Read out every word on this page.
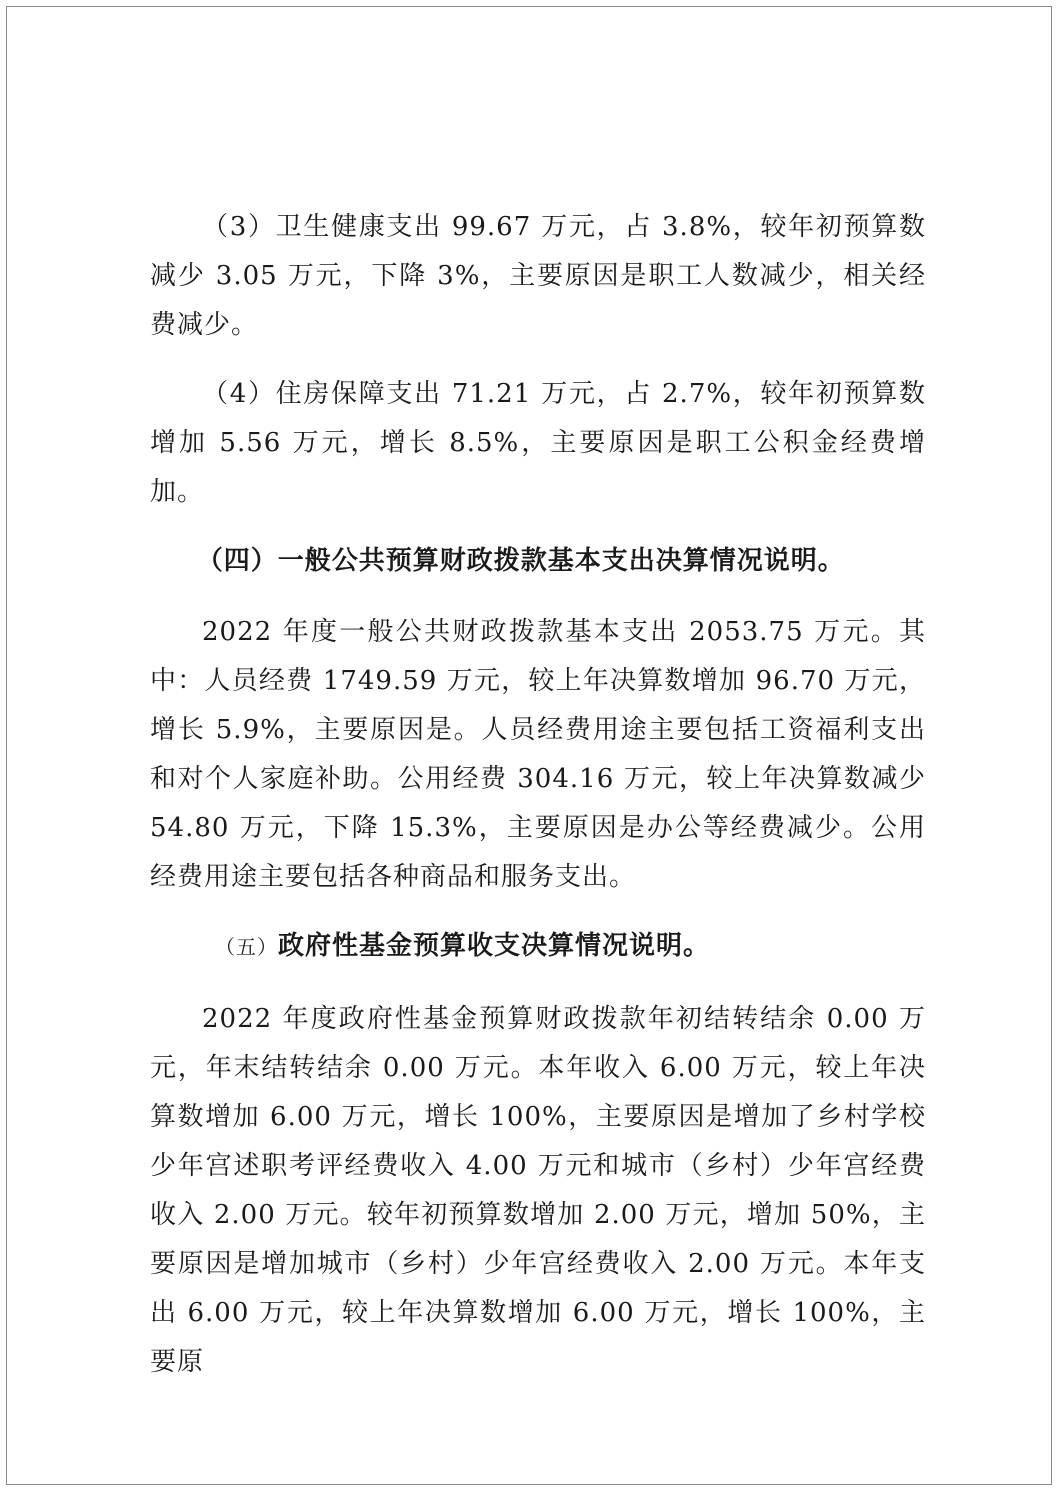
（3）卫生健康支出 99.67 万元，占 3.8%，较年初预算数减少 3.05 万元，下降 3%，主要原因是职工人数减少，相关经费减少。

（4）住房保障支出 71.21 万元，占 2.7%，较年初预算数增加 5.56 万元，增长 8.5%，主要原因是职工公积金经费增加。

（四）一般公共预算财政拨款基本支出决算情况说明。

2022 年度一般公共财政拨款基本支出 2053.75 万元。其中：人员经费 1749.59 万元，较上年决算数增加 96.70 万元，增长 5.9%，主要原因是。人员经费用途主要包括工资福利支出和对个人家庭补助。公用经费 304.16 万元，较上年决算数减少 54.80 万元，下降 15.3%，主要原因是办公等经费减少。公用经费用途主要包括各种商品和服务支出。

（五）政府性基金预算收支决算情况说明。

2022 年度政府性基金预算财政拨款年初结转结余 0.00 万元，年末结转结余 0.00 万元。本年收入 6.00 万元，较上年决算数增加 6.00 万元，增长 100%，主要原因是增加了乡村学校少年宫述职考评经费收入 4.00 万元和城市（乡村）少年宫经费收入 2.00 万元。较年初预算数增加 2.00 万元，增加 50%，主要原因是增加城市（乡村）少年宫经费收入 2.00 万元。本年支出 6.00 万元，较上年决算数增加 6.00 万元，增长 100%，主要原
